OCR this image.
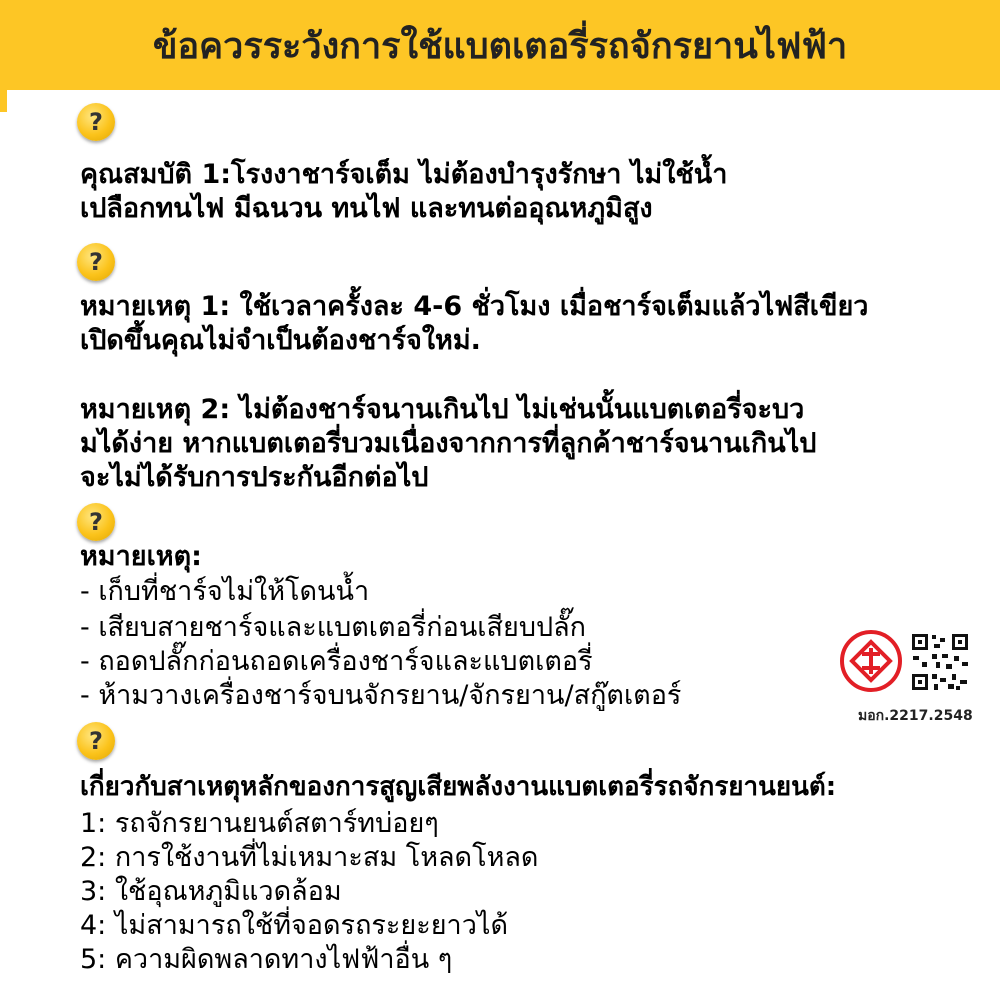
ข้อควรระวังการใช้แบตเตอรี่รถจักรยานไฟฟ้า
?
คุณสมบัติ 1:โรงงาชาร์จเต็ม ไม่ต้องบำรุงรักษา ไม่ใช้น้ำ
เปลือกทนไฟ มีฉนวน ทนไฟ และทนต่ออุณหภูมิสูง
?
หมายเหตุ 1: ใช้เวลาครั้งละ 4-6 ชั่วโมง เมื่อชาร์จเต็มแล้วไฟสีเขียว
เปิดขึ้นคุณไม่จำเป็นต้องชาร์จใหม่.
หมายเหตุ 2: ไม่ต้องชาร์จนานเกินไป ไม่เช่นนั้นแบตเตอรี่จะบว
มได้ง่าย หากแบตเตอรี่บวมเนื่องจากการที่ลูกค้าชาร์จนานเกินไป
จะไม่ได้รับการประกันอีกต่อไป
?
หมายเหตุ:
- เก็บที่ชาร์จไม่ให้โดนน้ำ
- เสียบสายชาร์จและแบตเตอรี่ก่อนเสียบปลั๊ก
- ถอดปลั๊กก่อนถอดเครื่องชาร์จและแบตเตอรี่
- ห้ามวางเครื่องชาร์จบนจักรยาน/จักรยาน/สกู๊ตเตอร์
มอก.2217.2548
?
เกี่ยวกับสาเหตุหลักของการสูญเสียพลังงานแบตเตอรี่รถจักรยานยนต์:
1: รถจักรยานยนต์สตาร์ทบ่อยๆ
2: การใช้งานที่ไม่เหมาะสม โหลดโหลด
3: ใช้อุณหภูมิแวดล้อม
4: ไม่สามารถใช้ที่จอดรถระยะยาวได้
5: ความผิดพลาดทางไฟฟ้าอื่น ๆ
